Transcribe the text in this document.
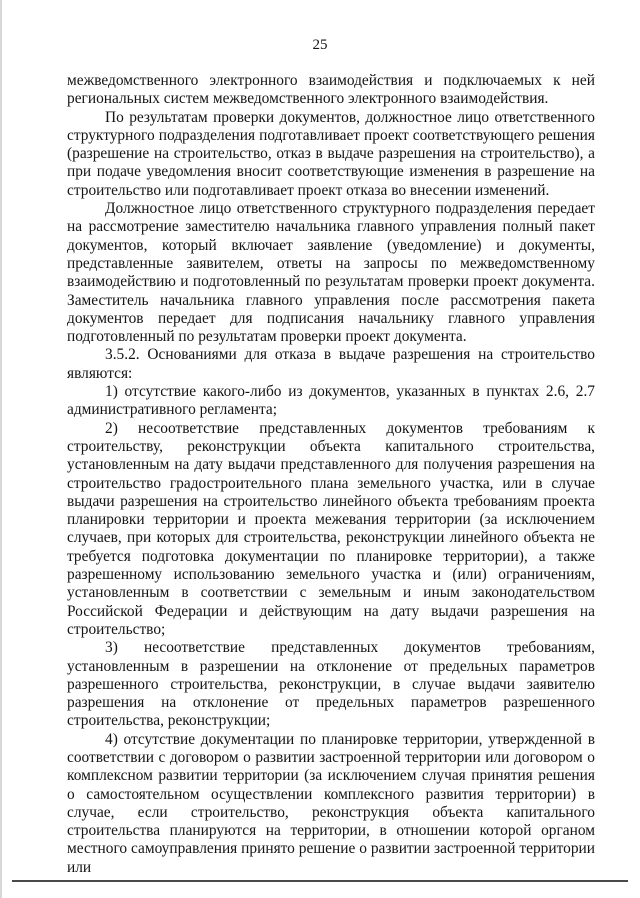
25

межведомственного электронного взаимодействия и подключаемых к ней региональных систем межведомственного электронного взаимодействия.

По результатам проверки документов, должностное лицо ответственного структурного подразделения подготавливает проект соответствующего решения (разрешение на строительство, отказ в выдаче разрешения на строительство), а при подаче уведомления вносит соответствующие изменения в разрешение на строительство или подготавливает проект отказа во внесении изменений.

Должностное лицо ответственного структурного подразделения передает на рассмотрение заместителю начальника главного управления полный пакет документов, который включает заявление (уведомление) и документы, представленные заявителем, ответы на запросы по межведомственному взаимодействию и подготовленный по результатам проверки проект документа. Заместитель начальника главного управления после рассмотрения пакета документов передает для подписания начальнику главного управления подготовленный по результатам проверки проект документа.

3.5.2. Основаниями для отказа в выдаче разрешения на строительство являются:

1) отсутствие какого-либо из документов, указанных в пунктах 2.6, 2.7 административного регламента;

2) несоответствие представленных документов требованиям к строительству, реконструкции объекта капитального строительства, установленным на дату выдачи представленного для получения разрешения на строительство градостроительного плана земельного участка, или в случае выдачи разрешения на строительство линейного объекта требованиям проекта планировки территории и проекта межевания территории (за исключением случаев, при которых для строительства, реконструкции линейного объекта не требуется подготовка документации по планировке территории), а также разрешенному использованию земельного участка и (или) ограничениям, установленным в соответствии с земельным и иным законодательством Российской Федерации и действующим на дату выдачи разрешения на строительство;

3) несоответствие представленных документов требованиям, установленным в разрешении на отклонение от предельных параметров разрешенного строительства, реконструкции, в случае выдачи заявителю разрешения на отклонение от предельных параметров разрешенного строительства, реконструкции;

4) отсутствие документации по планировке территории, утвержденной в соответствии с договором о развитии застроенной территории или договором о комплексном развитии территории (за исключением случая принятия решения о самостоятельном осуществлении комплексного развития территории) в случае, если строительство, реконструкция объекта капитального строительства планируются на территории, в отношении которой органом местного самоуправления принято решение о развитии застроенной территории или
